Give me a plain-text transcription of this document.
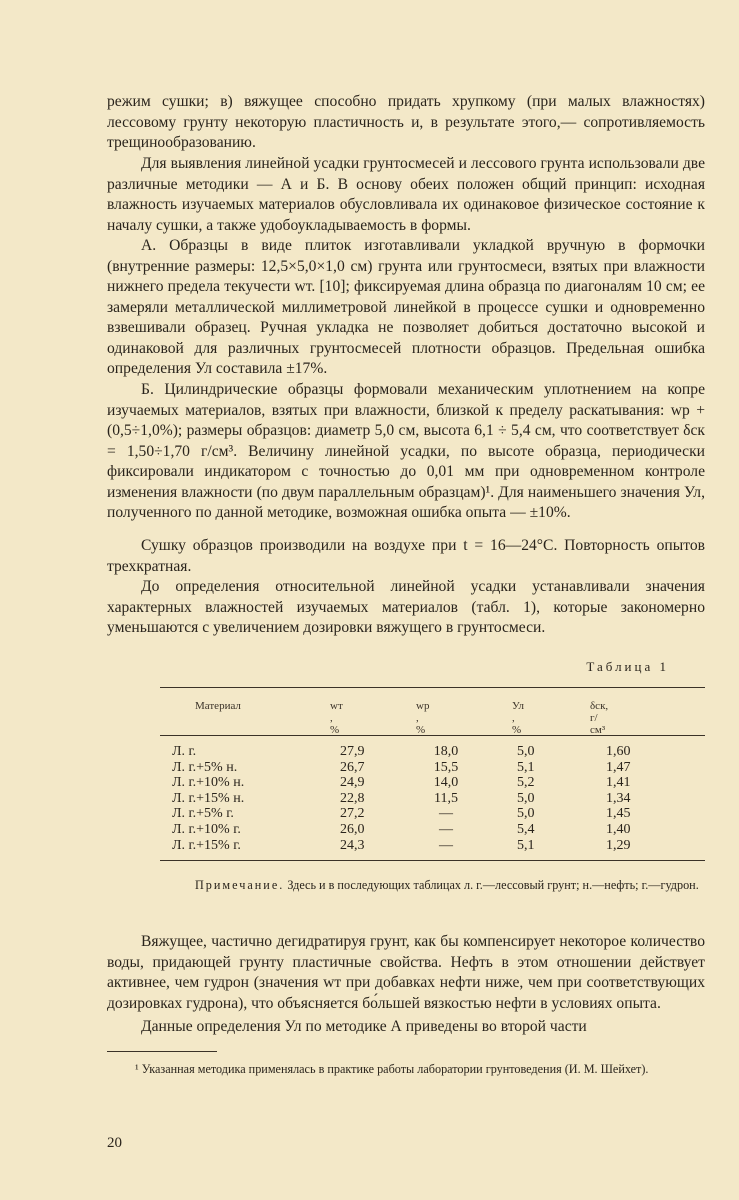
режим сушки; в) вяжущее способно придать хрупкому (при малых влажностях) лессовому грунту некоторую пластичность и, в результате этого,— сопротивляемость трещинообразованию.

Для выявления линейной усадки грунтосмесей и лессового грунта использовали две различные методики — А и Б. В основу обеих положен общий принцип: исходная влажность изучаемых материалов обусловливала их одинаковое физическое состояние к началу сушки, а также удобоукладываемость в формы.

А. Образцы в виде плиток изготавливали укладкой вручную в формочки (внутренние размеры: 12,5×5,0×1,0 см) грунта или грунтосмеси, взятых при влажности нижнего предела текучести wт. [10]; фиксируемая длина образца по диагоналям 10 см; ее замеряли металлической миллиметровой линейкой в процессе сушки и одновременно взвешивали образец. Ручная укладка не позволяет добиться достаточно высокой и одинаковой для различных грунтосмесей плотности образцов. Предельная ошибка определения Ул составила ±17%.

Б. Цилиндрические образцы формовали механическим уплотнением на копре изучаемых материалов, взятых при влажности, близкой к пределу раскатывания: wр + (0,5÷1,0%); размеры образцов: диаметр 5,0 см, высота 6,1 ÷ 5,4 см, что соответствует δск = 1,50÷1,70 г/см³. Величину линейной усадки, по высоте образца, периодически фиксировали индикатором с точностью до 0,01 мм при одновременном контроле изменения влажности (по двум параллельным образцам)¹. Для наименьшего значения Ул, полученного по данной методике, возможная ошибка опыта — ±10%.

Сушку образцов производили на воздухе при t = 16—24°C. Повторность опытов трехкратная.

До определения относительной линейной усадки устанавливали значения характерных влажностей изучаемых материалов (табл. 1), которые закономерно уменьшаются с увеличением дозировки вяжущего в грунтосмеси.

Таблица 1
Материал	wт , %
wр , %
Ул , %
δск, г/см³
Л. г.
Л. г.+5% н.
Л. г.+10% н.
Л. г.+15% н.
Л. г.+5% г.
Л. г.+10% г.
Л. г.+15% г.
27,9
26,7
24,9
22,8
27,2
26,0
24,3
18,0
15,5
14,0
11,5
—
—
—
5,0
5,1
5,2
5,0
5,0
5,4
5,1
1,60
1,47
1,41
1,34
1,45
1,40
1,29
Примечание. Здесь и в последующих таблицах л. г.—лессовый грунт; н.—нефть; г.—гудрон.

Вяжущее, частично дегидратируя грунт, как бы компенсирует некоторое количество воды, придающей грунту пластичные свойства. Нефть в этом отношении действует активнее, чем гудрон (значения wт при добавках нефти ниже, чем при соответствующих дозировках гудрона), что объясняется бо́льшей вязкостью нефти в условиях опыта.

Данные определения Ул по методике А приведены во второй части

¹ Указанная методика применялась в практике работы лаборатории грунтоведения (И. М. Шейхет).
20
